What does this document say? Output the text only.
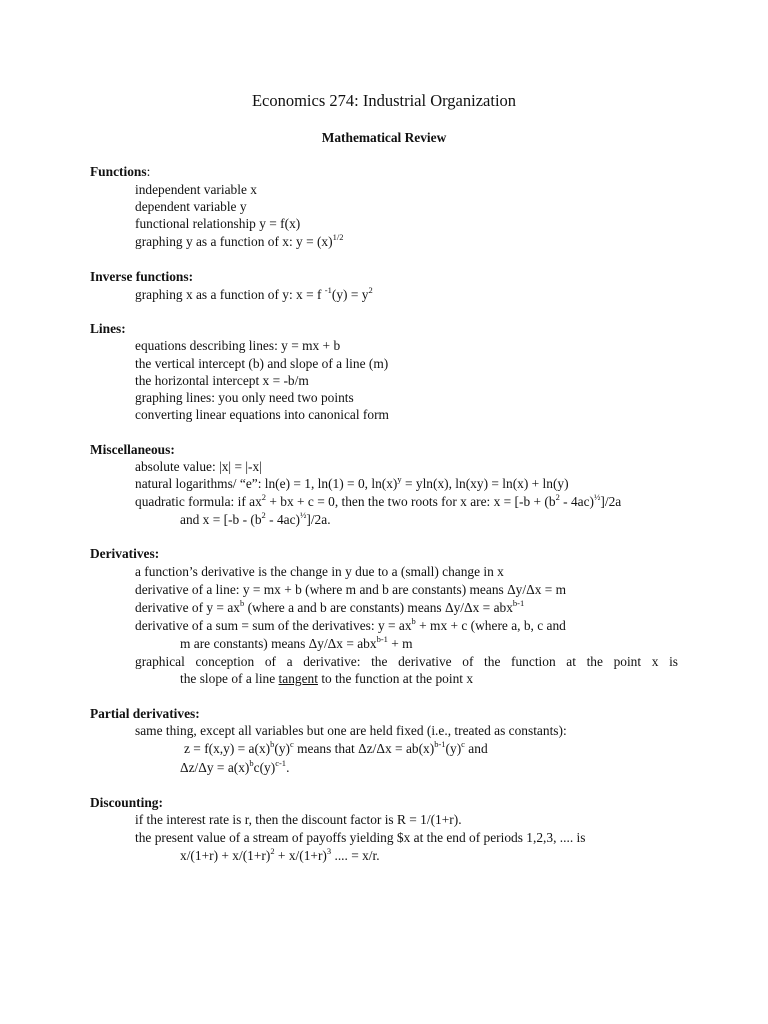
Economics 274: Industrial Organization
Mathematical Review
Functions:
independent variable x
dependent variable y
functional relationship y = f(x)
graphing y as a function of x: $y = (x)^{1/2}$
Inverse functions:
graphing x as a function of y: x = f $^{-1}(y) = y^2$
Lines:
equations describing lines: y = mx + b
the vertical intercept (b) and slope of a line (m)
the horizontal intercept x = -b/m
graphing lines: you only need two points
converting linear equations into canonical form
Miscellaneous:
absolute value: |x| = |-x|
natural logarithms/ “e”: ln(e) = 1, ln(1) = 0, $\ln(x)^y = yln(x)$, ln(xy) = ln(x) + ln(y)
quadratic formula: if $ax^2$ + bx + c = 0, then the two roots for x are: $x = [-b + (b^2 - 4ac)^{\frac{1}{2}}]/2a$
and $x = [-b - (b^2 - 4ac)^{\frac{1}{2}}]/2a$.
Derivatives:
a function’s derivative is the change in y due to a (small) change in x
derivative of a line: y = mx + b (where m and b are constants) means Δy/Δx = m
derivative of $y = ax^b$ (where a and b are constants) means Δy/Δx = abx$^{b-1}$
derivative of a sum = sum of the derivatives: $y = ax^b$ + mx + c (where a, b, c and
m are constants) means Δy/Δx = abx$^{b-1}$ + m
graphical conception of a derivative: the derivative of the function at the point x is
the slope of a line tangent to the function at the point x
Partial derivatives:
same thing, except all variables but one are held fixed (i.e., treated as constants):
$z = f(x,y) = a(x)^b(y)^c$ means that $\Delta z/\Delta x = ab(x)^{b-1}(y)^c$ and
$\Delta z/\Delta y = a(x)^bc(y)^{c-1}$.
Discounting:
if the interest rate is r, then the discount factor is R = 1/(1+r).
the present value of a stream of payoffs yielding $x at the end of periods 1,2,3, .... is
$x/(1+r) + x/(1+r)^2 + x/(1+r)^3$ .... = x/r.
